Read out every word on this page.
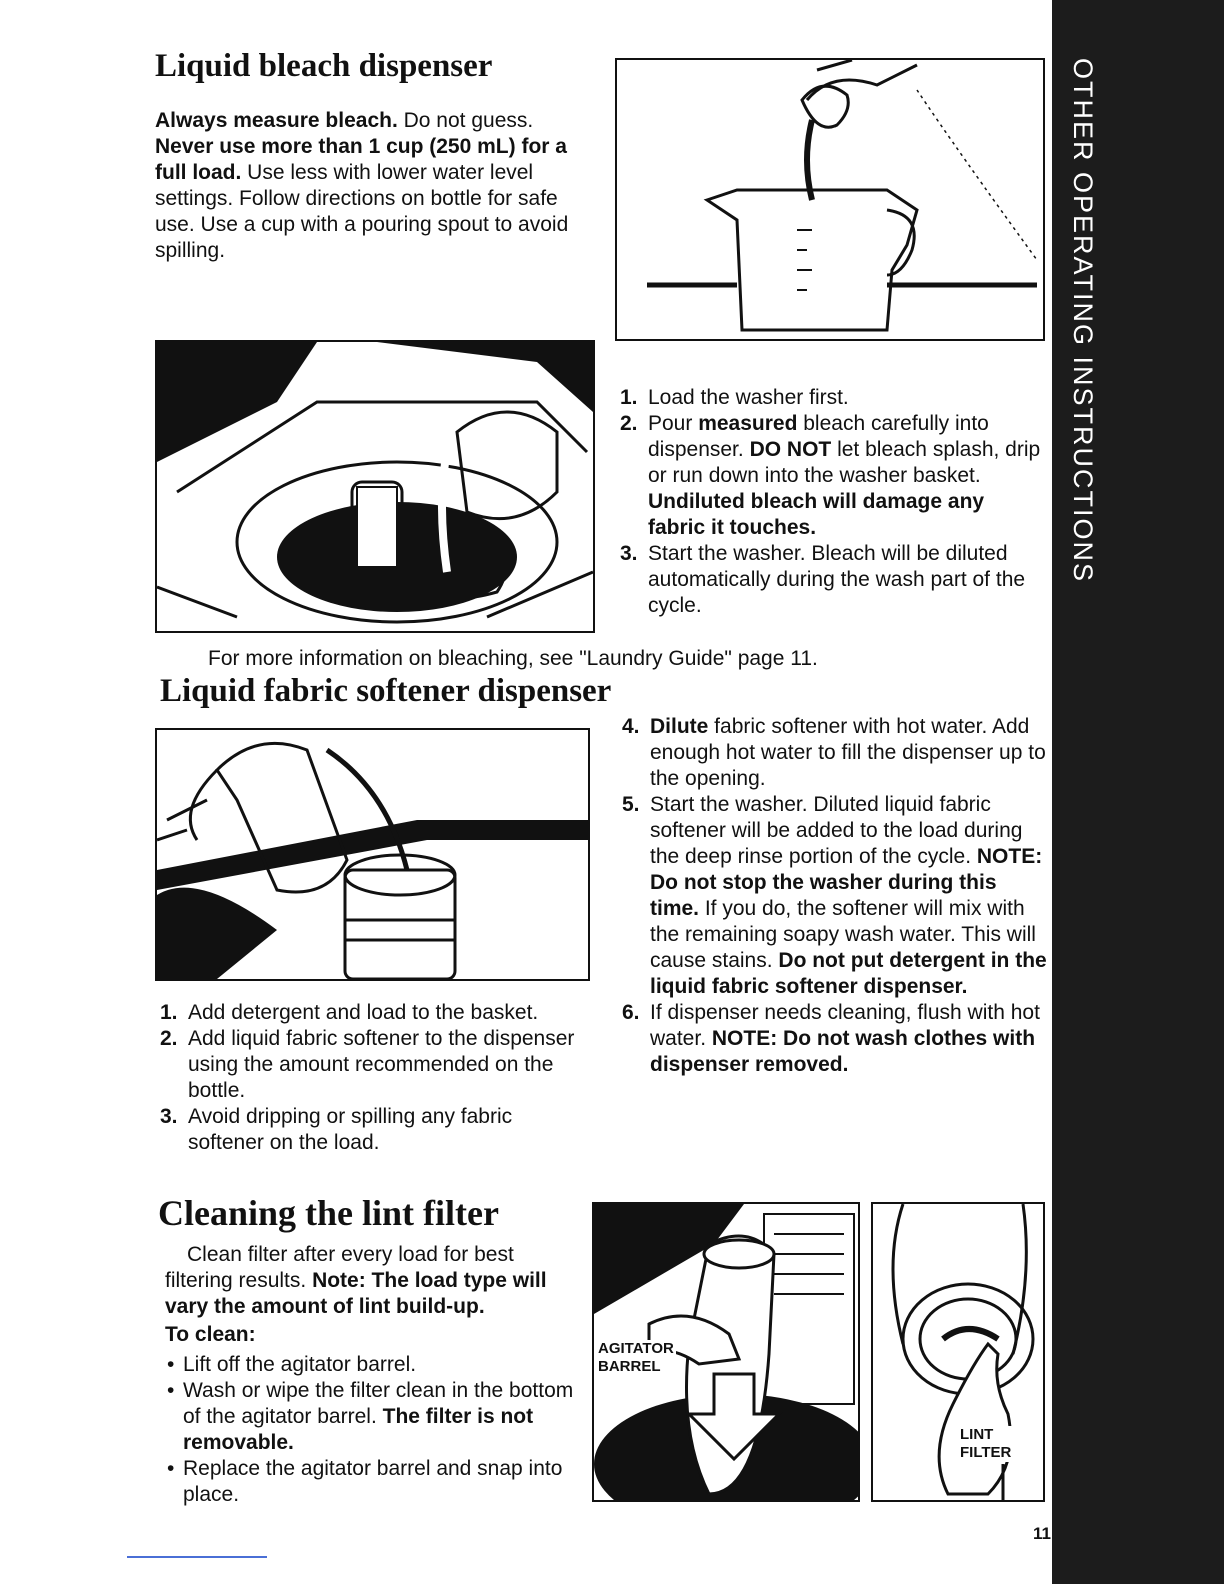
OTHER OPERATING INSTRUCTIONS
Liquid bleach dispenser
Always measure bleach. Do not guess. Never use more than 1 cup (250 mL) for a full load. Use less with lower water level settings. Follow directions on bottle for safe use. Use a cup with a pouring spout to avoid spilling.
1. Load the washer first.
2. Pour measured bleach carefully into dispenser. DO NOT let bleach splash, drip or run down into the washer basket. Undiluted bleach will damage any fabric it touches.
3. Start the washer. Bleach will be diluted automatically during the wash part of the cycle.
For more information on bleaching, see "Laundry Guide" page 11.
Liquid fabric softener dispenser
1. Add detergent and load to the basket.
2. Add liquid fabric softener to the dispenser using the amount recommended on the bottle.
3. Avoid dripping or spilling any fabric softener on the load.
4. Dilute fabric softener with hot water. Add enough hot water to fill the dispenser up to the opening.
5. Start the washer. Diluted liquid fabric softener will be added to the load during the deep rinse portion of the cycle. NOTE: Do not stop the washer during this time. If you do, the softener will mix with the remaining soapy wash water. This will cause stains. Do not put detergent in the liquid fabric softener dispenser.
6. If dispenser needs cleaning, flush with hot water. NOTE: Do not wash clothes with dispenser removed.
Cleaning the lint filter
Clean filter after every load for best filtering results. Note: The load type will vary the amount of lint build-up.
To clean:
• Lift off the agitator barrel.
• Wash or wipe the filter clean in the bottom of the agitator barrel. The filter is not removable.
• Replace the agitator barrel and snap into place.
AGITATOR
BARREL
LINT FILTER
11
